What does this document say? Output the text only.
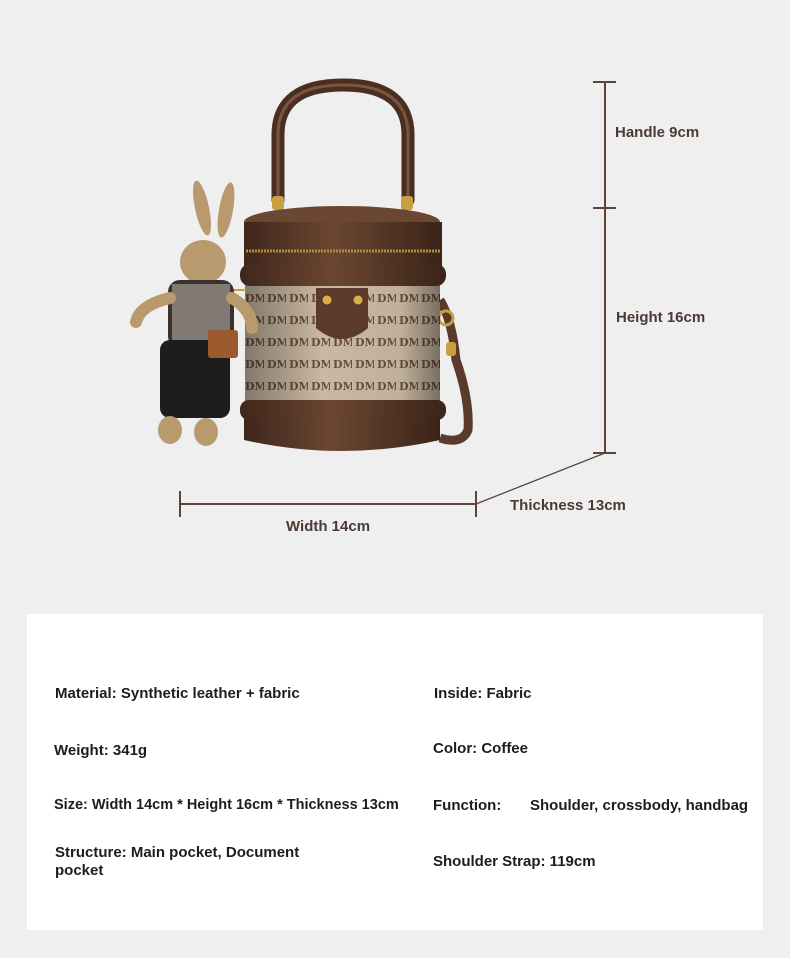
Handle 9cm
Height 16cm
Thickness 13cm
Width 14cm
Material: Synthetic leather + fabric	Inside: Fabric
Weight: 341g	Color: Coffee
Size: Width 14cm * Height 16cm * Thickness 13cm Function: Shoulder, crossbody, handbag
Structure: Main pocket, Document
pocket
Shoulder Strap: 119cm
